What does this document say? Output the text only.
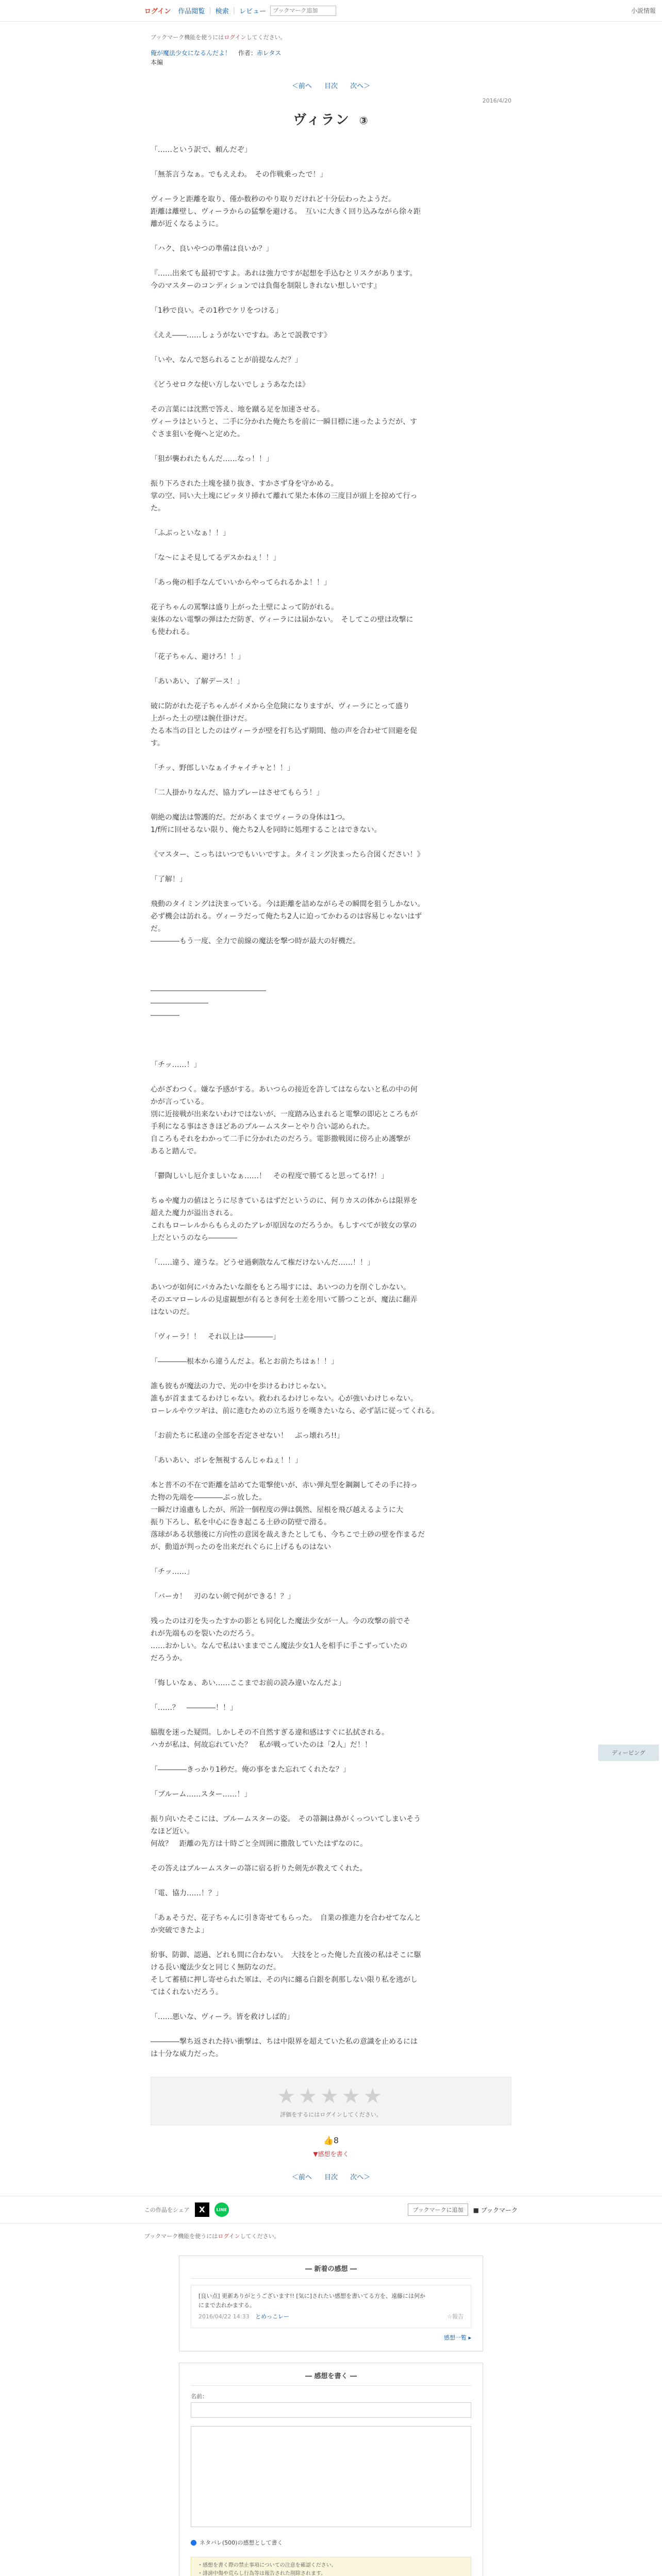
ログイン 作品閲覧 | 検索 | レビュー
ブックマーク追加	小説情報
ブックマーク機能を使うにはログインしてください。
俺が魔法少女になるんだよ！ 作者：赤レタス
本編
＜前へ 目次 次へ＞
2016/4/20
ヴィラン ③

「……という訳で、頼んだぞ」

「無茶言うなぁ。でもええわ。　その作戦乗ったで！」

ヴィーラと距離を取り、僅か数秒のやり取りだけれど十分伝わったようだ。
距離は離壁し、ヴィーラからの猛撃を避ける。　互いに大きく回り込みながら徐々距
離が近くなるように。

「ハク、良いやつの準備は良いか？」

『……出来ても最初ですよ。あれは強力ですが起想を手込むとリスクがあります。
今のマスターのコンディションでは負傷を制限しきれない想しいです』

「1秒で良い。その1秒でケリをつける」

《ええ――……しょうがないですね。あとで説教です》

「いや、なんで怒られることが前提なんだ？」

《どうせロクな使い方しないでしょうあなたは》

その言葉には沈黙で答え、地を蹴る足を加速させる。
ヴィーラはというと、二手に分かれた俺たちを前に一瞬目標に迷ったようだが、す
ぐさま狙いを俺へと定めた。

「狙が襲われたもんだ……なっ！！」

振り下ろされた土塊を掻り抜き、すかさず身を守かめる。
掌の空、同い大土塊にピッタリ挿れて離れて果た本体の三度目が頭上を掠めて行っ
た。

「ふぶっといなぁ！！」

「な～によそ見してるデスかねぇ！！」

「あっ俺の相手なんていいからやってられるかよ！！」

花子ちゃんの罵撃は盛り上がった土壁によって防がれる。
束体のない電撃の弾はただ防ぎ、ヴィーラには届かない。　そしてこの壁は攻撃に
も使われる。

「花子ちゃん、避けろ！！」

「あいあい、了解デース！」

破に防がれた花子ちゃんがイメから全危険になりますが、ヴィーラにとって盛り
上がった土の壁は腕仕掛けだ。
たる本当の目としたのはヴィーラが壁を打ち込ず期間、他の声を合わせて回避を促
す。

「チッ、野郎しいなぁイチャイチャと！！」

「二人掛かりなんだ、協力プレーはさせてもらう！」

朝絶の魔法は警護的だ。だがあくまでヴィーラの身体は1つ。
1/f所に回せるない限り、俺たち2人を同時に処理することはできない。

《マスター、こっちはいつでもいいですよ。タイミング決まったら合図ください！》

「了解！」

飛動のタイミングは決まっている。今は距離を詰めながらその瞬間を狙うしかない。
必ず機会は訪れる。ヴィーラだって俺たち2人に迫ってかわるのは容易じゃないはず
だ。
――――もう一度、全力で前線の魔法を撃つ時が最大の好機だ。

――――――――――――――――
――――――――
――――

「チッ……！」

心がざわつく。嫌な予感がする。あいつらの接近を許してはならないと私の中の何
かが言っている。
別に近接戦が出来ないわけではないが、一度踏み込まれると電撃の即応ところもが
手利になる事はさきほどあのブルームスターとやり合い認められた。
自ころもそれをわかって二手に分かれたのだろう。電影撒戦図に傍ろ止め護撃が
あると踏んで。

「鬱陶しいし厄介ましいなぁ……！　その程度で勝てると思ってる!?！」

ちゅや魔力の値はとうに尽きているはずだというのに、何りカスの体からは限界を
超えた魔力が溢出される。
これもローレルからもらえのたアレが原因なのだろうか。もしすべてが彼女の掌の
上だというのなら――――

「……違う、違うな。どうせ過剰散なんて権だけないんだ……！！」

あいつが如何にパカみたいな顔をもとろ場すには、あいつの力を削ぐしかない。
そのエマローレルの見虚観想が有るとき何を土差を用いて勝つことが、魔法に翻弄
はないのだ。

「ヴィーラ！！　それ以上は――――」

「――――根本から違うんだよ。私とお前たちはぁ！！」

誰も彼もが魔法の力で、光の中を歩けるわけじゃない。
誰もが首ままてるわけじゃない。救われるわけじゃない。心が強いわけじゃない。
ローレルやウツギは、前に進むための立ち返りを嘆きたいなら、必ず話に従ってくれる。

「お前たちに私達の全部を否定させない！　ぶっ壊れろ!!」

「あいあい、ボレを無視するんじゃねぇ！！」

本と普不の不在で距離を詰めてた電撃使いが、赤い弾丸型を鋼鋼してその手に持っ
た物の先端を――――ぶっ放した。
一瞬だけ遠慮もしたが、所詮一個程度の弾は偶然、屋根を飛び越えるように大
振り下ろし、私を中心に巻き起こる土砂の防壁で滑る。
落球がある状態後に方向性の意図を裁えきたとしても、今ちこで土砂の壁を作まるだ
が、動道が判ったのを出来だれぐらに上げるものはない

「チッ……」

「バーカ！　刃のない剣で何ができる！？」

残ったのは刃を失ったすかの影とも同化した魔法少女が一人。今の攻撃の前でそ
れが先端ものを裂いたのだろう。
……おかしい。なんで私はいままでこん魔法少女1人を相手に手こずっていたの
だろうか。

「悔しいなぁ、あい……ここまでお前の読み違いなんだよ」

「……？　――――！！」

脇腹を迷った疑問。しかしその不自然すぎる違和感はすぐに払拭される。
ハカが私は、何故忘れていた？　私が戦っていたのは「2人」だ！！

「――――きっかり1秒だ。俺の事をまた忘れてくれたな？」

「ブルーム……スター……！」

振り向いたそこには、ブルームスターの姿。　その箒鋼は鼻がくっついてしまいそう
なほど近い。
何故？　距離の先方は十時ごと全周囲に撒散していたはずなのに。

その答えはブルームスターの箒に宿る折りた剣先が教えてくれた。

「電、協力……！？」

「あぁそうだ、花子ちゃんに引き寄せてもらった。　自業の推進力を合わせてなんと
か突破できたよ」

紛事、防御、認過、どれも間に合わない。　大技をとった俺した直後の私はそこに駆
ける長い魔法少女と同じく無防なのだ。
そして蓄積に押し寄せられた軍は、その内に纏る白銀を刹那しない限り私を逃がし
てはくれないだろう。

「……悪いな、ヴィーラ。皆を救けしば的」

――――撃ち返された持い衝撃は、ちは中限界を超えていた私の意識を止めるには
は十分な威力だった。

★★★★★
評価をするにはログインしてください。
👍8
▼感想を書く
＜前へ 目次 次へ＞
ディービング
この作品をシェア	X	LINE	ブックマークに追加	■ ブックマーク
ブックマーク機能を使うにはログインしてください。
― 新着の感想 ―
[良い点] 更新ありがとうございます!! [気に]されたい感想を書いてる方を、遠藤には何か
にまで去れかまする。
2016/04/22 14:33 とめっこレー	☆報告
感想一覧 ▸
― 感想を書く ―
名前：
ネタバレ(500)の感想として書く
・感想を書く際の禁止事項についての注意を確認ください。
・誹謗中傷や荒らし行為等は報告された削除されます。
